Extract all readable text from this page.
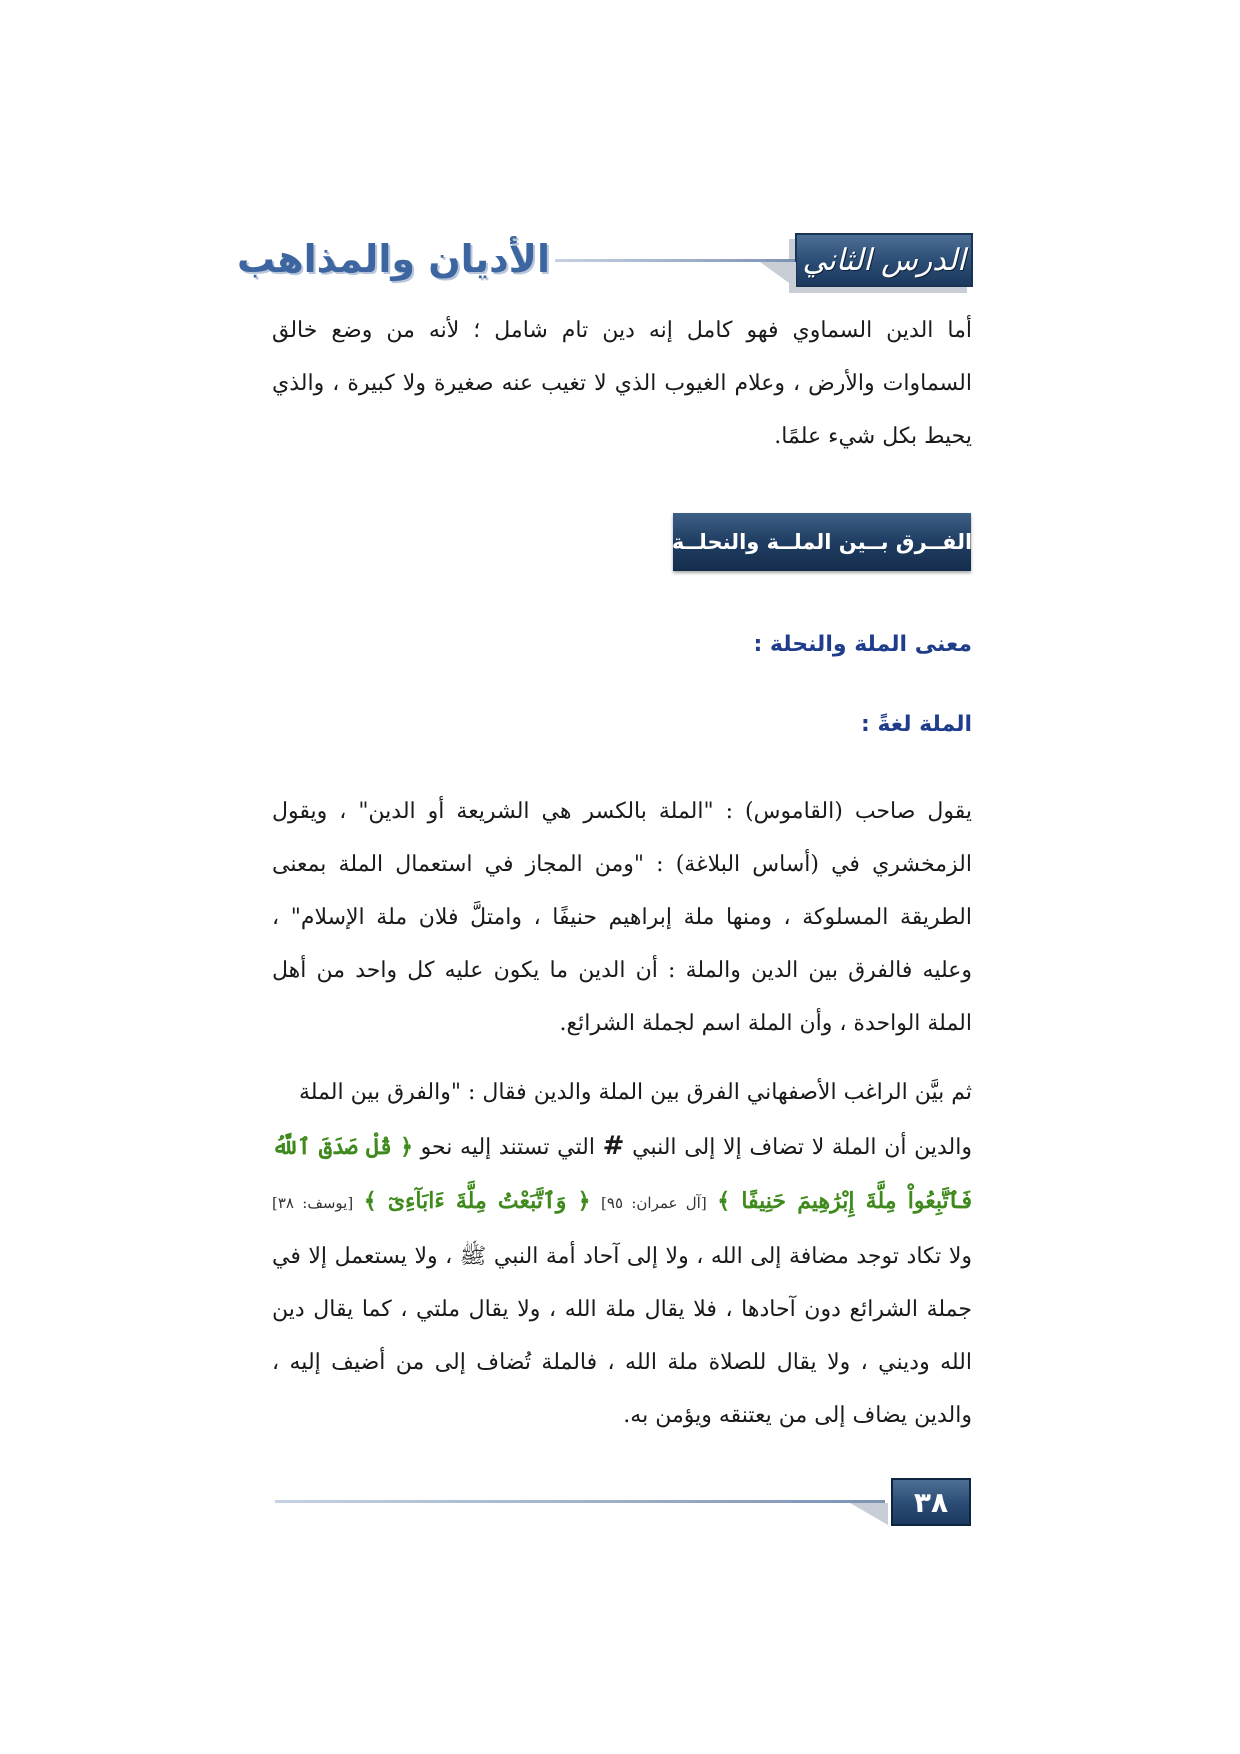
الدرس الثاني
الأديان والمذاهب

أما الدين السماوي فهو كامل إنه دين تام شامل ؛ لأنه من وضع خالق السماوات والأرض ، وعلام الغيوب الذي لا تغيب عنه صغيرة ولا كبيرة ، والذي يحيط بكل شيء علمًا.

الفــرق بــين الملــة والنحلــة
معنى الملة والنحلة :
الملة لغةً :

يقول صاحب (القاموس) : "الملة بالكسر هي الشريعة أو الدين" ، ويقول الزمخشري في (أساس البلاغة) : "ومن المجاز في استعمال الملة بمعنى الطريقة المسلوكة ، ومنها ملة إبراهيم حنيفًا ، وامتلَّ فلان ملة الإسلام" ، وعليه فالفرق بين الدين والملة : أن الدين ما يكون عليه كل واحد من أهل الملة الواحدة ، وأن الملة اسم لجملة الشرائع.

ثم بيَّن الراغب الأصفهاني الفرق بين الملة والدين فقال : "والفرق بين الملة

والدين أن الملة لا تضاف إلا إلى النبي # التي تستند إليه نحو ﴿ قُلْ صَدَقَ ٱللَّهُ
فَٱتَّبِعُواْ مِلَّةَ إِبْرَٰهِيمَ حَنِيفًا ﴾ [آل عمران: ٩٥] ﴿ وَٱتَّبَعْتُ مِلَّةَ ءَابَآءِىٓ ﴾ [يوسف: ٣٨]

ولا تكاد توجد مضافة إلى الله ، ولا إلى آحاد أمة النبي ﷺ ، ولا يستعمل إلا في جملة الشرائع دون آحادها ، فلا يقال ملة الله ، ولا يقال ملتي ، كما يقال دين الله وديني ، ولا يقال للصلاة ملة الله ، فالملة تُضاف إلى من أضيف إليه ، والدين يضاف إلى من يعتنقه ويؤمن به.

٣٨
